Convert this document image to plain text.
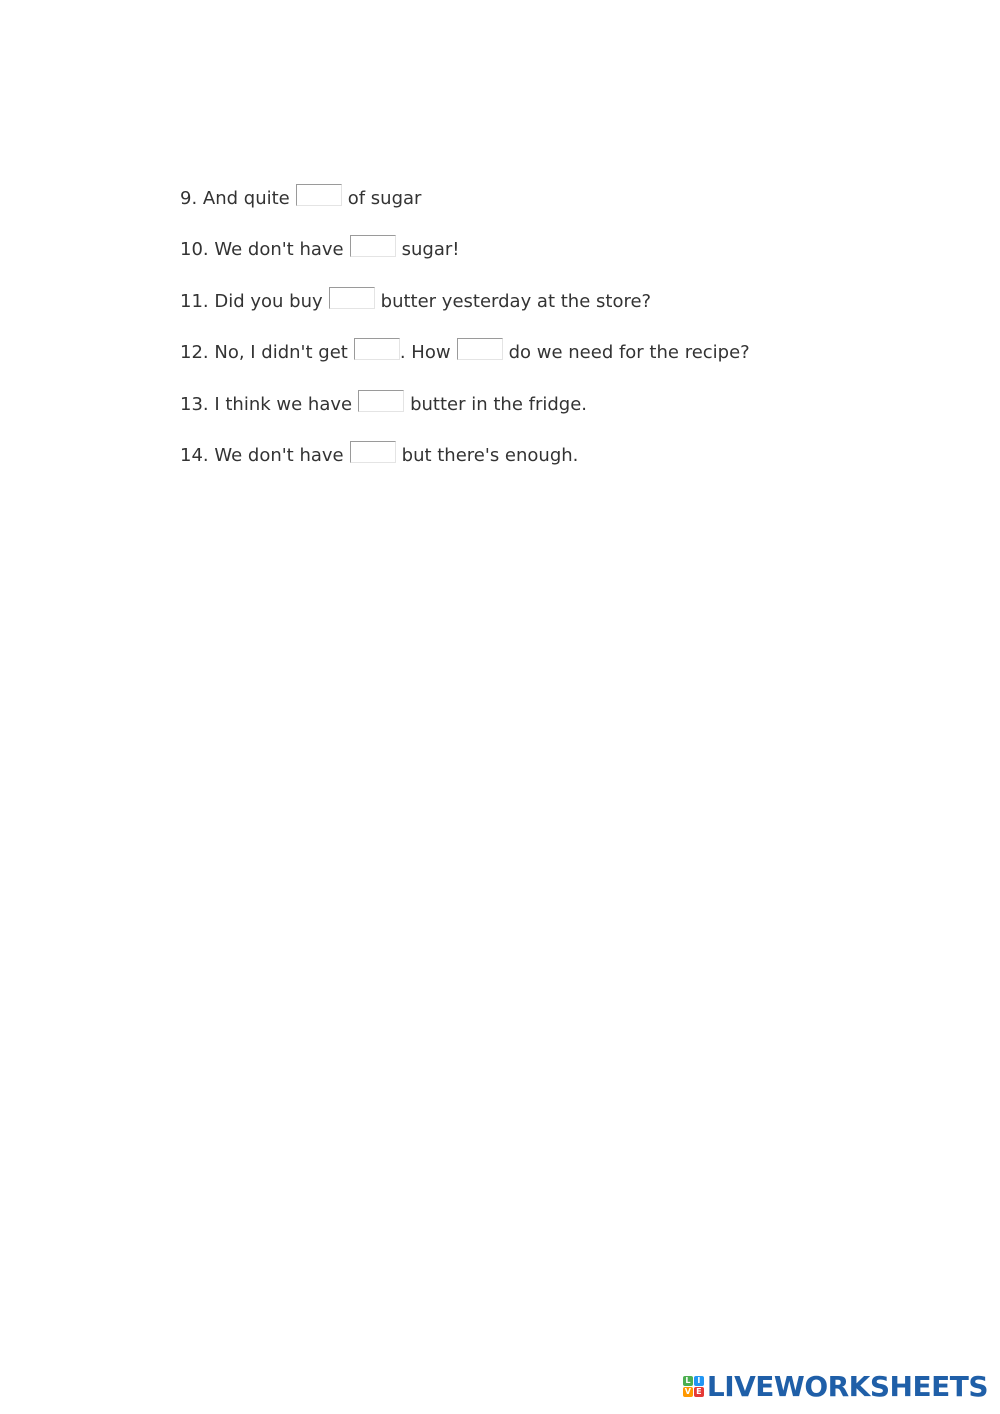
9. And quite	of sugar
10. We don't have	sugar!
11. Did you buy	butter yesterday at the store?
12. No, I didn't get	. How	do we need for the recipe?
13. I think we have	butter in the fridge.
14. We don't have	but there's enough.
L I
V E LIVEWORKSHEETS
